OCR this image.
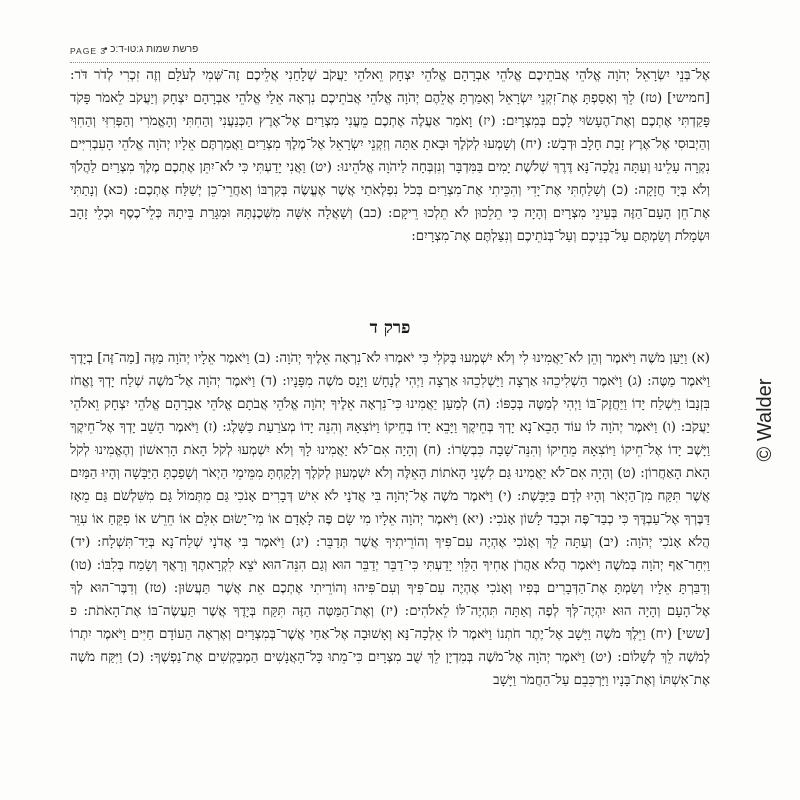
PAGE 3
פרשת שמות ג:טו-ד:כ •
אֶל־בְּנֵי יִשְׂרָאֵל יְהֹוָה אֱלֹהֵי אֲבֹתֵיכֶם אֱלֹהֵי אַבְרָהָם אֱלֹהֵי יִצְחָק וֵאלֹהֵי יַעֲקֹב שְׁלָחַנִי אֲלֵיכֶם זֶה־שְּׁמִי לְעֹלָם וְזֶה זִכְרִי לְדֹר דֹּר: [חמישי] (טז) לֵךְ וְאָסַפְתָּ אֶת־זִקְנֵי יִשְׂרָאֵל וְאָמַרְתָּ אֲלֵהֶם יְהֹוָה אֱלֹהֵי אֲבֹתֵיכֶם נִרְאָה אֵלַי אֱלֹהֵי אַבְרָהָם יִצְחָק וְיַעֲקֹב לֵאמֹר פָּקֹד פָּקַדְתִּי אֶתְכֶם וְאֶת־הֶעָשׂוּי לָכֶם בְּמִצְרָיִם: (יז) וָאֹמַר אַעֲלֶה אֶתְכֶם מֵעֳנִי מִצְרַיִם אֶל־אֶרֶץ הַכְּנַעֲנִי וְהַחִתִּי וְהָאֱמֹרִי וְהַפְּרִזִּי וְהַחִוִּי וְהַיְבוּסִי אֶל־אֶרֶץ זָבַת חָלָב וּדְבָשׁ: (יח) וְשָׁמְעוּ לְקֹלֶךָ וּבָאתָ אַתָּה וְזִקְנֵי יִשְׂרָאֵל אֶל־מֶלֶךְ מִצְרַיִם וַאֲמַרְתֶּם אֵלָיו יְהֹוָה אֱלֹהֵי הָעִבְרִיִּים נִקְרָה עָלֵינוּ וְעַתָּה נֵלֲכָה־נָּא דֶּרֶךְ שְׁלֹשֶׁת יָמִים בַּמִּדְבָּר וְנִזְבְּחָה לַיהֹוָה אֱלֹהֵינוּ: (יט) וַאֲנִי יָדַעְתִּי כִּי לֹא־יִתֵּן אֶתְכֶם מֶלֶךְ מִצְרַיִם לַהֲלֹךְ וְלֹא בְּיָד חֲזָקָה: (כ) וְשָׁלַחְתִּי אֶת־יָדִי וְהִכֵּיתִי אֶת־מִצְרַיִם בְּכֹל נִפְלְאֹתַי אֲשֶׁר אֶעֱשֶׂה בְּקִרְבּוֹ וְאַחֲרֵי־כֵן יְשַׁלַּח אֶתְכֶם: (כא) וְנָתַתִּי אֶת־חֵן הָעָם־הַזֶּה בְּעֵינֵי מִצְרָיִם וְהָיָה כִּי תֵלֵכוּן לֹא תֵלְכוּ רֵיקָם: (כב) וְשָׁאֲלָה אִשָּׁה מִשְּׁכֶנְתָּהּ וּמִגָּרַת בֵּיתָהּ כְּלֵי־כֶסֶף וּכְלֵי זָהָב וּשְׂמָלֹת וְשַׂמְתֶּם עַל־בְּנֵיכֶם וְעַל־בְּנֹתֵיכֶם וְנִצַּלְתֶּם אֶת־מִצְרָיִם:
פרק ד
(א) וַיַּעַן מֹשֶׁה וַיֹּאמֶר וְהֵן לֹא־יַאֲמִינוּ לִי וְלֹא יִשְׁמְעוּ בְּקֹלִי כִּי יֹאמְרוּ לֹא־נִרְאָה אֵלֶיךָ יְהֹוָה: (ב) וַיֹּאמֶר אֵלָיו יְהֹוָה מַזֶּה [מַה־זֶּה] בְיָדֶךָ וַיֹּאמֶר מַטֶּה: (ג) וַיֹּאמֶר הַשְׁלִיכֵהוּ אַרְצָה וַיַּשְׁלִכֵהוּ אַרְצָה וַיְהִי לְנָחָשׁ וַיָּנָס מֹשֶׁה מִפָּנָיו: (ד) וַיֹּאמֶר יְהֹוָה אֶל־מֹשֶׁה שְׁלַח יָדְךָ וֶאֱחֹז בִּזְנָבוֹ וַיִּשְׁלַח יָדוֹ וַיַּחֲזֶק־בּוֹ וַיְהִי לְמַטֶּה בְּכַפּוֹ: (ה) לְמַעַן יַאֲמִינוּ כִּי־נִרְאָה אֵלֶיךָ יְהֹוָה אֱלֹהֵי אֲבֹתָם אֱלֹהֵי אַבְרָהָם אֱלֹהֵי יִצְחָק וֵאלֹהֵי יַעֲקֹב: (ו) וַיֹּאמֶר יְהֹוָה לוֹ עוֹד הָבֵא־נָא יָדְךָ בְּחֵיקֶךָ וַיָּבֵא יָדוֹ בְּחֵיקוֹ וַיּוֹצִאָהּ וְהִנֵּה יָדוֹ מְצֹרַעַת כַּשָּׁלֶג: (ז) וַיֹּאמֶר הָשֵׁב יָדְךָ אֶל־חֵיקֶךָ וַיָּשֶׁב יָדוֹ אֶל־חֵיקוֹ וַיּוֹצִאָהּ מֵחֵיקוֹ וְהִנֵּה־שָׁבָה כִּבְשָׂרוֹ: (ח) וְהָיָה אִם־לֹא יַאֲמִינוּ לָךְ וְלֹא יִשְׁמְעוּ לְקֹל הָאֹת הָרִאשׁוֹן וְהֶאֱמִינוּ לְקֹל הָאֹת הָאַחֲרוֹן: (ט) וְהָיָה אִם־לֹא יַאֲמִינוּ גַּם לִשְׁנֵי הָאֹתוֹת הָאֵלֶּה וְלֹא יִשְׁמְעוּן לְקֹלֶךָ וְלָקַחְתָּ מִמֵּימֵי הַיְאֹר וְשָׁפַכְתָּ הַיַּבָּשָׁה וְהָיוּ הַמַּיִם אֲשֶׁר תִּקַּח מִן־הַיְאֹר וְהָיוּ לְדָם בַּיַּבָּשֶׁת: (י) וַיֹּאמֶר מֹשֶׁה אֶל־יְהֹוָה בִּי אֲדֹנָי לֹא אִישׁ דְּבָרִים אָנֹכִי גַּם מִתְּמוֹל גַּם מִשִּׁלְשֹׁם גַּם מֵאָז דַּבֶּרְךָ אֶל־עַבְדֶּךָ כִּי כְבַד־פֶּה וּכְבַד לָשׁוֹן אָנֹכִי: (יא) וַיֹּאמֶר יְהֹוָה אֵלָיו מִי שָׂם פֶּה לָאָדָם אוֹ מִי־יָשׂוּם אִלֵּם אוֹ חֵרֵשׁ אוֹ פִקֵּחַ אוֹ עִוֵּר הֲלֹא אָנֹכִי יְהֹוָה: (יב) וְעַתָּה לֵךְ וְאָנֹכִי אֶהְיֶה עִם־פִּיךָ וְהוֹרֵיתִיךָ אֲשֶׁר תְּדַבֵּר: (יג) וַיֹּאמֶר בִּי אֲדֹנָי שְׁלַח־נָא בְּיַד־תִּשְׁלָח: (יד) וַיִּחַר־אַף יְהֹוָה בְּמֹשֶׁה וַיֹּאמֶר הֲלֹא אַהֲרֹן אָחִיךָ הַלֵּוִי יָדַעְתִּי כִּי־דַבֵּר יְדַבֵּר הוּא וְגַם הִנֵּה־הוּא יֹצֵא לִקְרָאתֶךָ וְרָאֲךָ וְשָׂמַח בְּלִבּוֹ: (טו) וְדִבַּרְתָּ אֵלָיו וְשַׂמְתָּ אֶת־הַדְּבָרִים בְּפִיו וְאָנֹכִי אֶהְיֶה עִם־פִּיךָ וְעִם־פִּיהוּ וְהוֹרֵיתִי אֶתְכֶם אֵת אֲשֶׁר תַּעֲשׂוּן: (טז) וְדִבֶּר־הוּא לְךָ אֶל־הָעָם וְהָיָה הוּא יִהְיֶה־לְּךָ לְפֶה וְאַתָּה תִּהְיֶה־לּוֹ לֵאלֹהִים: (יז) וְאֶת־הַמַּטֶּה הַזֶּה תִּקַּח בְּיָדֶךָ אֲשֶׁר תַּעֲשֶׂה־בּוֹ אֶת־הָאֹתֹת: פ [ששי] (יח) וַיֵּלֶךְ מֹשֶׁה וַיָּשָׁב אֶל־יֶתֶר חֹתְנוֹ וַיֹּאמֶר לוֹ אֵלְכָה־נָּא וְאָשׁוּבָה אֶל־אַחַי אֲשֶׁר־בְּמִצְרַיִם וְאֶרְאֶה הַעוֹדָם חַיִּים וַיֹּאמֶר יִתְרוֹ לְמֹשֶׁה לֵךְ לְשָׁלוֹם: (יט) וַיֹּאמֶר יְהֹוָה אֶל־מֹשֶׁה בְּמִדְיָן לֵךְ שֻׁב מִצְרָיִם כִּי־מֵתוּ כָּל־הָאֲנָשִׁים הַמְבַקְשִׁים אֶת־נַפְשֶׁךָ: (כ) וַיִּקַּח מֹשֶׁה אֶת־אִשְׁתּוֹ וְאֶת־בָּנָיו וַיַּרְכִּבֵם עַל־הַחֲמֹר וַיָּשָׁב
© Walder
